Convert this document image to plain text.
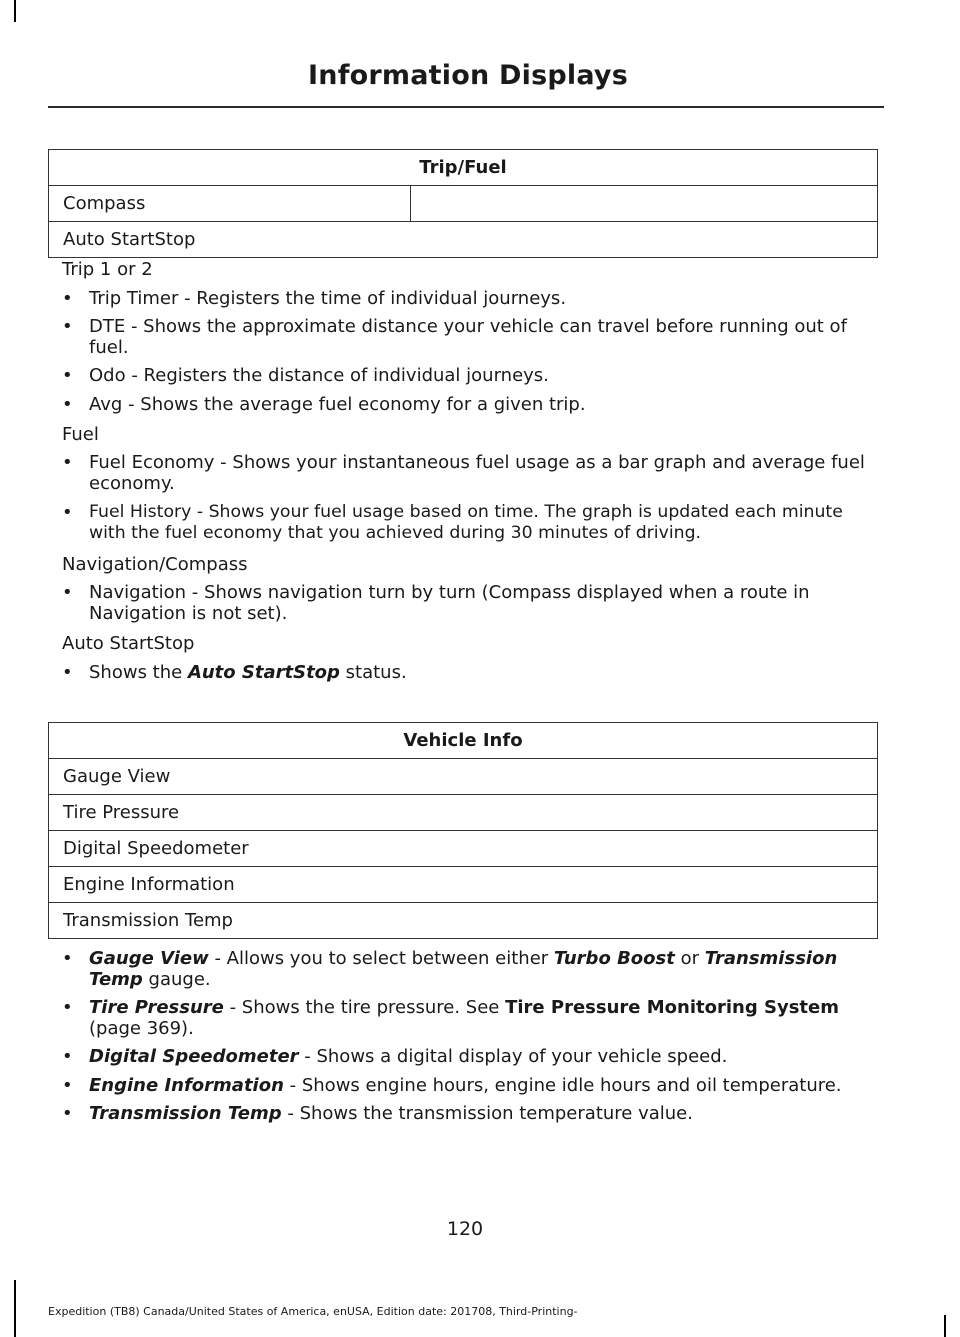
Information Displays
Trip/Fuel
Compass	
Auto StartStop
Trip 1 or 2
• Trip Timer - Registers the time of individual journeys.
• DTE - Shows the approximate distance your vehicle can travel before running out of fuel.
• Odo - Registers the distance of individual journeys.
• Avg - Shows the average fuel economy for a given trip.
Fuel
• Fuel Economy - Shows your instantaneous fuel usage as a bar graph and average fuel economy.
• Fuel History - Shows your fuel usage based on time. The graph is updated each minute with the fuel economy that you achieved during 30 minutes of driving.
Navigation/Compass
• Navigation - Shows navigation turn by turn (Compass displayed when a route in Navigation is not set).
Auto StartStop
• Shows the Auto StartStop status.
Vehicle Info
Gauge View
Tire Pressure
Digital Speedometer
Engine Information
Transmission Temp
• Gauge View - Allows you to select between either Turbo Boost or Transmission Temp gauge.
• Tire Pressure - Shows the tire pressure. See Tire Pressure Monitoring System (page 369).
• Digital Speedometer - Shows a digital display of your vehicle speed.
• Engine Information - Shows engine hours, engine idle hours and oil temperature.
• Transmission Temp - Shows the transmission temperature value.
120
Expedition (TB8) Canada/United States of America, enUSA, Edition date: 201708, Third-Printing-
